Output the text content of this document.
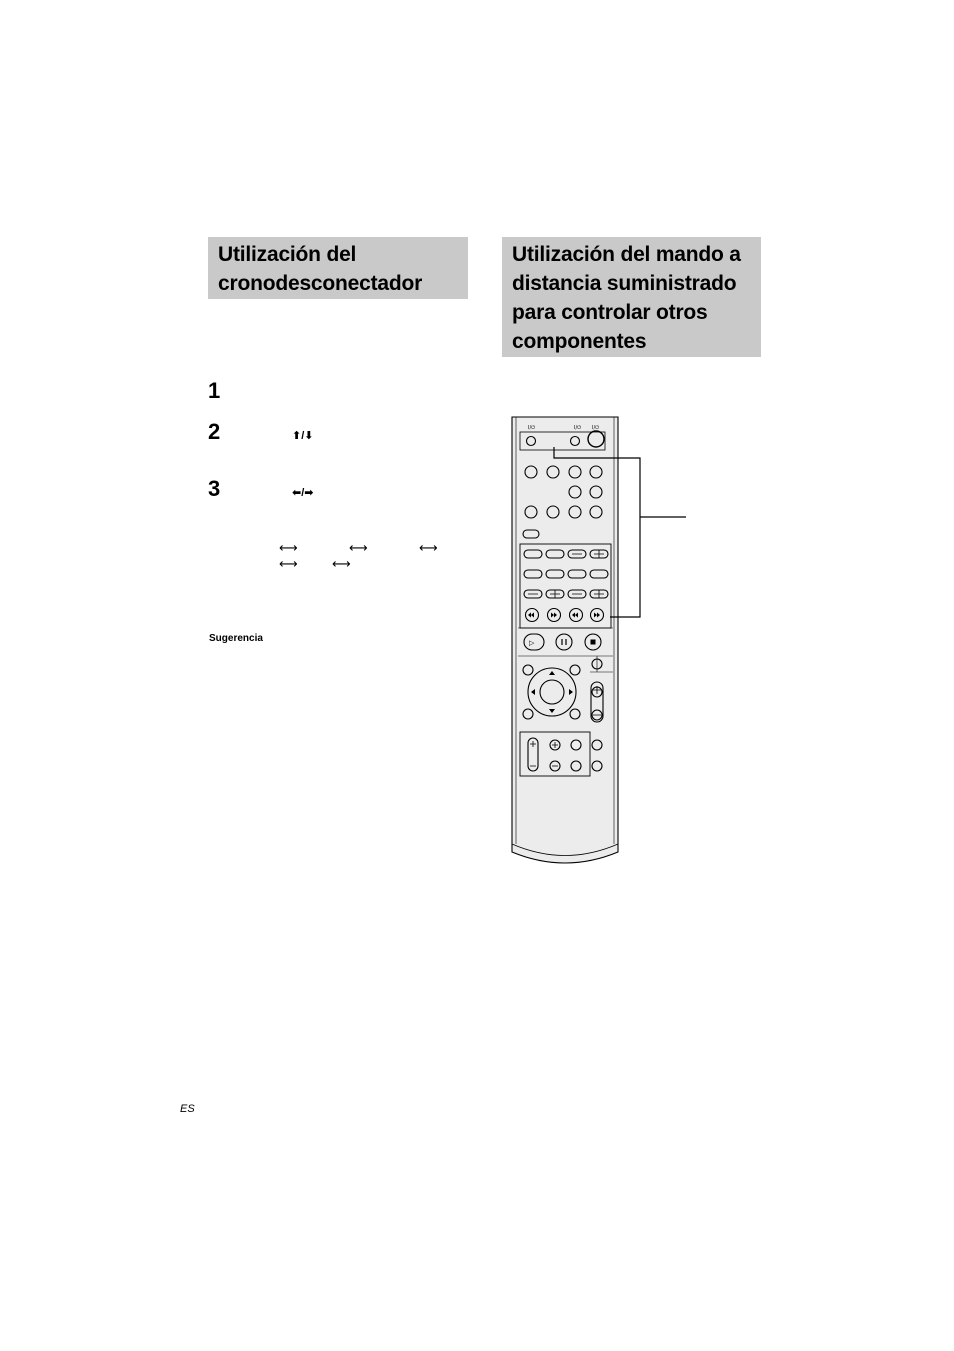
Utilización del
cronodesconectador
Utilización del mando a
distancia suministrado
para controlar otros
componentes
1
2
3
⬆/⬇
⬅/➡
⟷	⟷	⟷
⟷	⟷
Sugerencia
ES
I/⏻	I/⏻ I/⏻
▷
